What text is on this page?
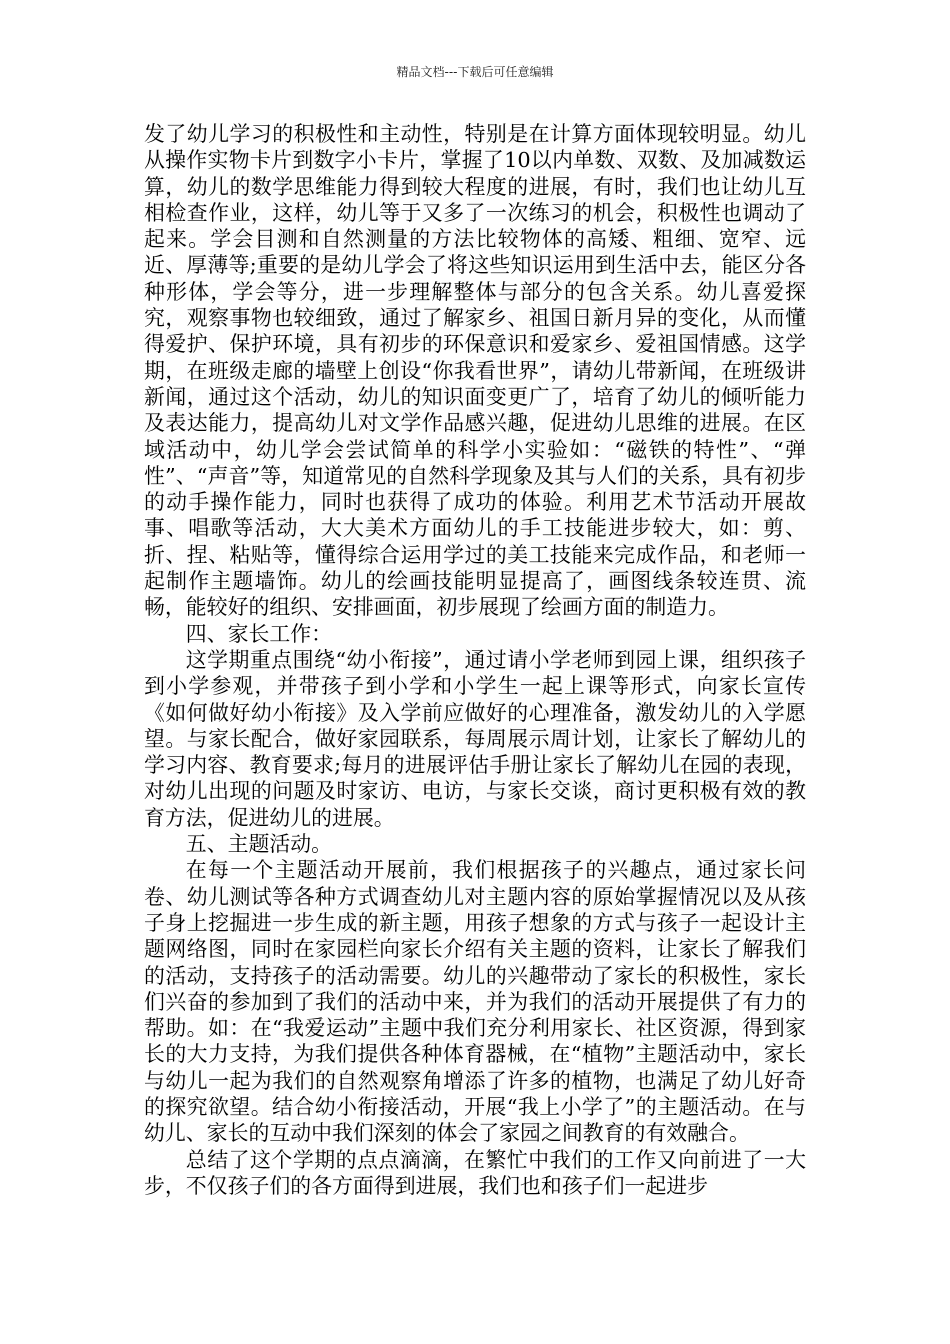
精品文档---下载后可任意编辑

发了幼儿学习的积极性和主动性，特别是在计算方面体现较明显。幼儿从操作实物卡片到数字小卡片，掌握了10以内单数、双数、及加减数运算，幼儿的数学思维能力得到较大程度的进展，有时，我们也让幼儿互相检查作业，这样，幼儿等于又多了一次练习的机会，积极性也调动了起来。学会目测和自然测量的方法比较物体的高矮、粗细、宽窄、远近、厚薄等;重要的是幼儿学会了将这些知识运用到生活中去，能区分各种形体，学会等分，进一步理解整体与部分的包含关系。幼儿喜爱探究，观察事物也较细致，通过了解家乡、祖国日新月异的变化，从而懂得爱护、保护环境，具有初步的环保意识和爱家乡、爱祖国情感。这学期，在班级走廊的墙壁上创设“你我看世界”，请幼儿带新闻，在班级讲新闻，通过这个活动，幼儿的知识面变更广了，培育了幼儿的倾听能力及表达能力，提高幼儿对文学作品感兴趣，促进幼儿思维的进展。在区域活动中，幼儿学会尝试简单的科学小实验如：“磁铁的特性”、“弹性”、“声音”等，知道常见的自然科学现象及其与人们的关系，具有初步的动手操作能力，同时也获得了成功的体验。利用艺术节活动开展故事、唱歌等活动，大大美术方面幼儿的手工技能进步较大，如：剪、折、捏、粘贴等，懂得综合运用学过的美工技能来完成作品，和老师一起制作主题墙饰。幼儿的绘画技能明显提高了，画图线条较连贯、流畅，能较好的组织、安排画面，初步展现了绘画方面的制造力。

四、家长工作：

这学期重点围绕“幼小衔接”，通过请小学老师到园上课，组织孩子到小学参观，并带孩子到小学和小学生一起上课等形式，向家长宣传《如何做好幼小衔接》及入学前应做好的心理准备，激发幼儿的入学愿望。与家长配合，做好家园联系，每周展示周计划，让家长了解幼儿的学习内容、教育要求;每月的进展评估手册让家长了解幼儿在园的表现，对幼儿出现的问题及时家访、电访，与家长交谈，商讨更积极有效的教育方法，促进幼儿的进展。

五、主题活动。

在每一个主题活动开展前，我们根据孩子的兴趣点，通过家长问卷、幼儿测试等各种方式调查幼儿对主题内容的原始掌握情况以及从孩子身上挖掘进一步生成的新主题，用孩子想象的方式与孩子一起设计主题网络图，同时在家园栏向家长介绍有关主题的资料，让家长了解我们的活动，支持孩子的活动需要。幼儿的兴趣带动了家长的积极性，家长们兴奋的参加到了我们的活动中来，并为我们的活动开展提供了有力的帮助。如：在“我爱运动”主题中我们充分利用家长、社区资源，得到家长的大力支持，为我们提供各种体育器械，在“植物”主题活动中，家长与幼儿一起为我们的自然观察角增添了许多的植物，也满足了幼儿好奇的探究欲望。结合幼小衔接活动，开展“我上小学了”的主题活动。在与幼儿、家长的互动中我们深刻的体会了家园之间教育的有效融合。

总结了这个学期的点点滴滴，在繁忙中我们的工作又向前进了一大步，不仅孩子们的各方面得到进展，我们也和孩子们一起进步
